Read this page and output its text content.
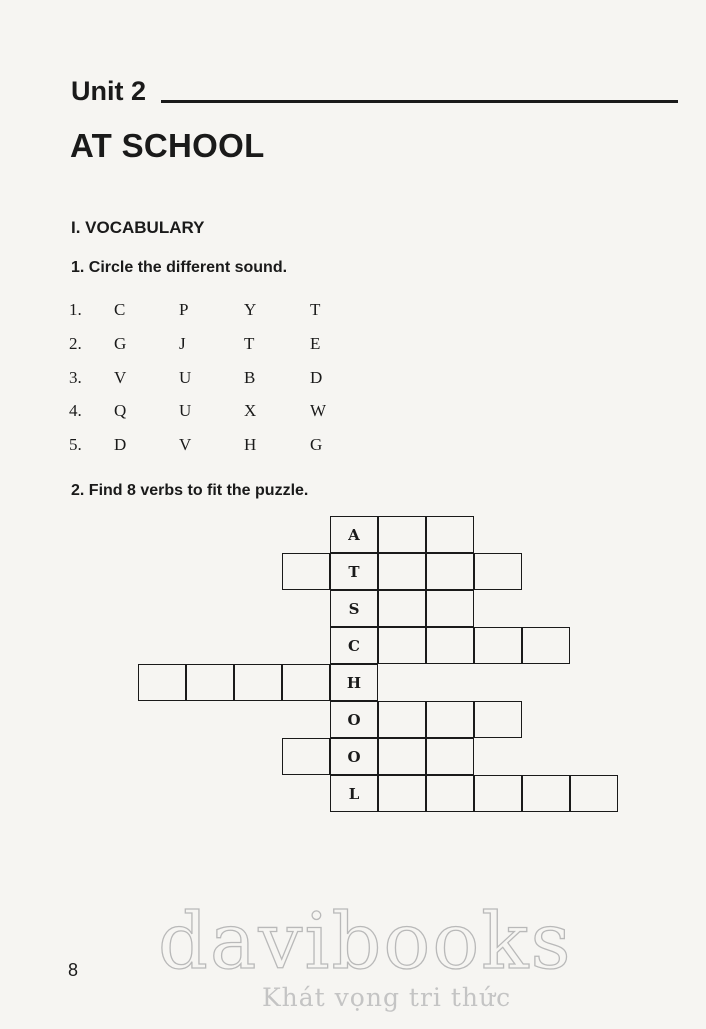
Unit 2
AT SCHOOL
I. VOCABULARY
1. Circle the different sound.
1. C	P	Y	T
2. G	J	T	E
3. V	U	B	D
4. Q	U	X	W
5. D	V	H	G
2. Find 8 verbs to fit the puzzle.
A
T
S
C
H
O
O
L
8 davibooks
Khát vọng tri thức
